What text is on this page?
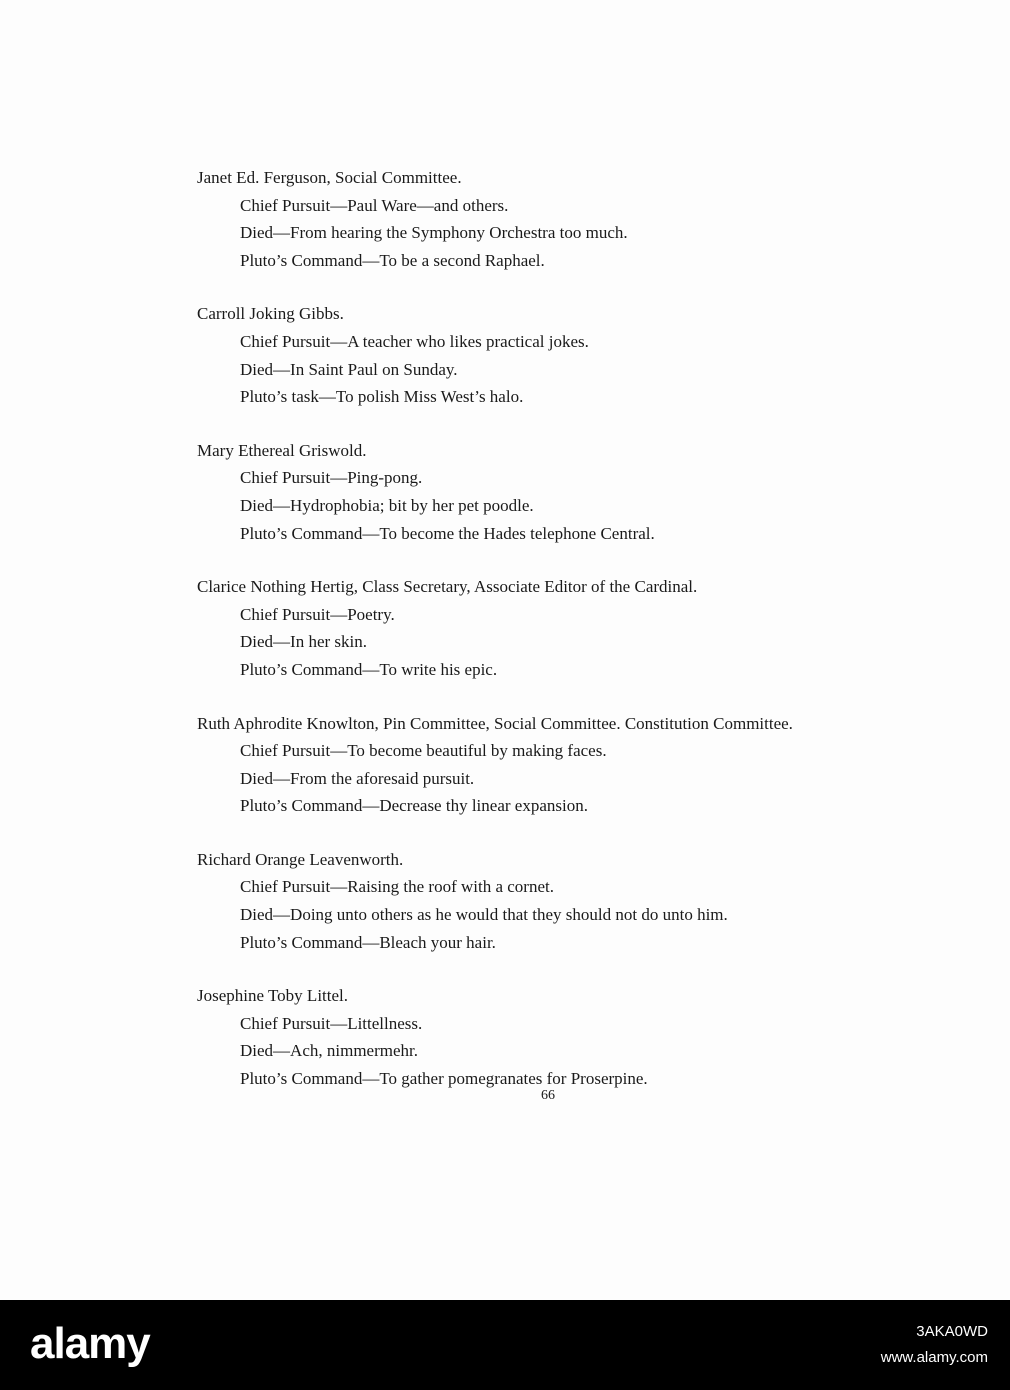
Janet Ed. Ferguson, Social Committee.
Chief Pursuit—Paul Ware—and others.
Died—From hearing the Symphony Orchestra too much.
Pluto’s Command—To be a second Raphael.
Carroll Joking Gibbs.
Chief Pursuit—A teacher who likes practical jokes.
Died—In Saint Paul on Sunday.
Pluto’s task—To polish Miss West’s halo.
Mary Ethereal Griswold.
Chief Pursuit—Ping-pong.
Died—Hydrophobia; bit by her pet poodle.
Pluto’s Command—To become the Hades telephone Central.
Clarice Nothing Hertig, Class Secretary, Associate Editor of the Cardinal.
Chief Pursuit—Poetry.
Died—In her skin.
Pluto’s Command—To write his epic.
Ruth Aphrodite Knowlton, Pin Committee, Social Committee. Constitution Committee.
Chief Pursuit—To become beautiful by making faces.
Died—From the aforesaid pursuit.
Pluto’s Command—Decrease thy linear expansion.
Richard Orange Leavenworth.
Chief Pursuit—Raising the roof with a cornet.
Died—Doing unto others as he would that they should not do unto him.
Pluto’s Command—Bleach your hair.
Josephine Toby Littel.
Chief Pursuit—Littellness.
Died—Ach, nimmermehr.
Pluto’s Command—To gather pomegranates for Proserpine.
66
alamy	3AKA0WD
www.alamy.com
